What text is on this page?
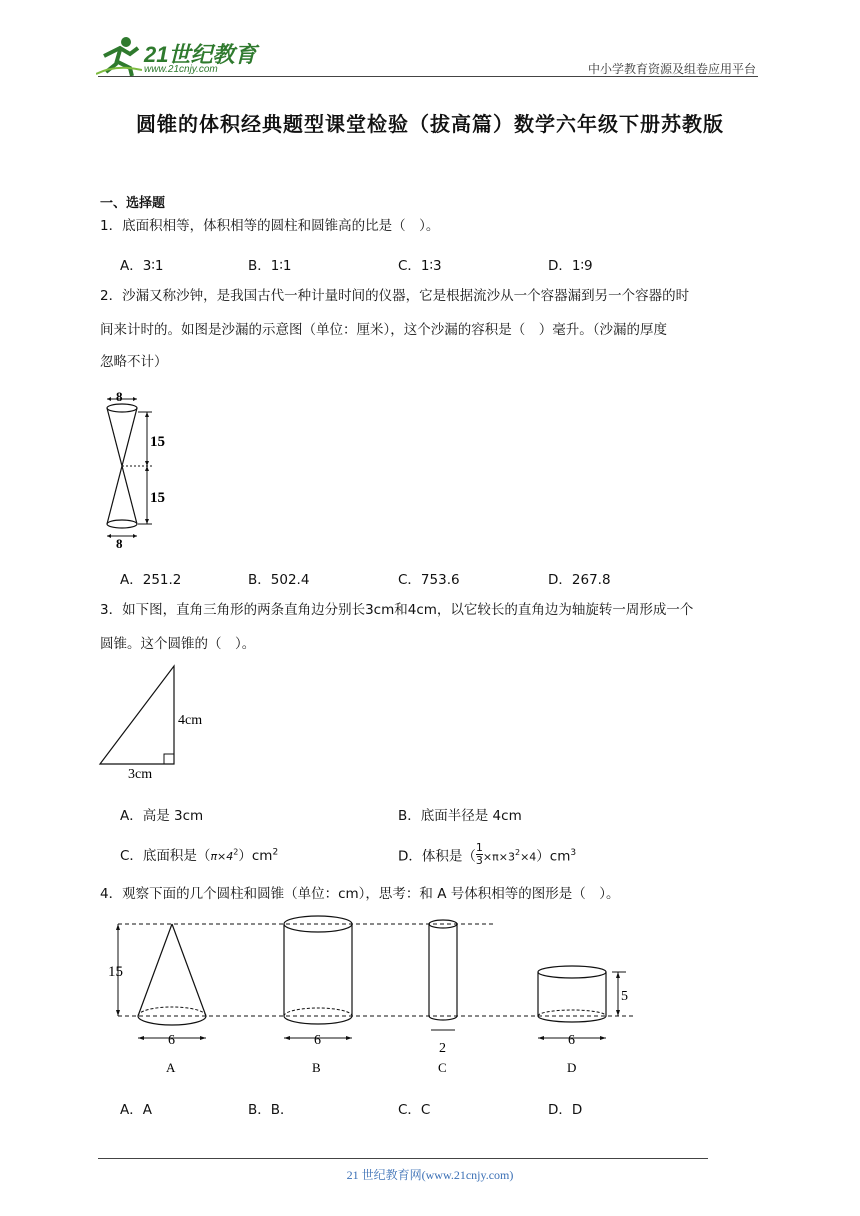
21世纪教育
www.21cnjy.com	中小学教育资源及组卷应用平台
圆锥的体积经典题型课堂检验（拔高篇）数学六年级下册苏教版
一、选择题
1．底面积相等，体积相等的圆柱和圆锥高的比是（　）。
A．3∶1	B．1∶1	C．1∶3	D．1∶9
2．沙漏又称沙钟，是我国古代一种计量时间的仪器，它是根据流沙从一个容器漏到另一个容器的时
间来计时的。如图是沙漏的示意图（单位：厘米），这个沙漏的容积是（　）毫升。（沙漏的厚度
忽略不计）
8
15
15
8
A．251.2	B．502.4	C．753.6	D．267.8
3．如下图，直角三角形的两条直角边分别长3cm和4cm，以它较长的直角边为轴旋转一周形成一个
圆锥。这个圆锥的（　）。
4cm
3cm
A．高是 3cm	B．底面半径是 4cm
C．底面积是$(\pi\times 4^2)cm^2$	D．体积是（ $\frac{1}{3} \times\pi\times 3^2\times 4)cm^3$
4．观察下面的几个圆柱和圆锥（单位：cm），思考：和 A 号体积相等的图形是（　）。
15
6
A
6
B
2
C
5
6
D
A．A	B．B．	C．C	D．D
21 世纪教育网(www.21cnjy.com)
